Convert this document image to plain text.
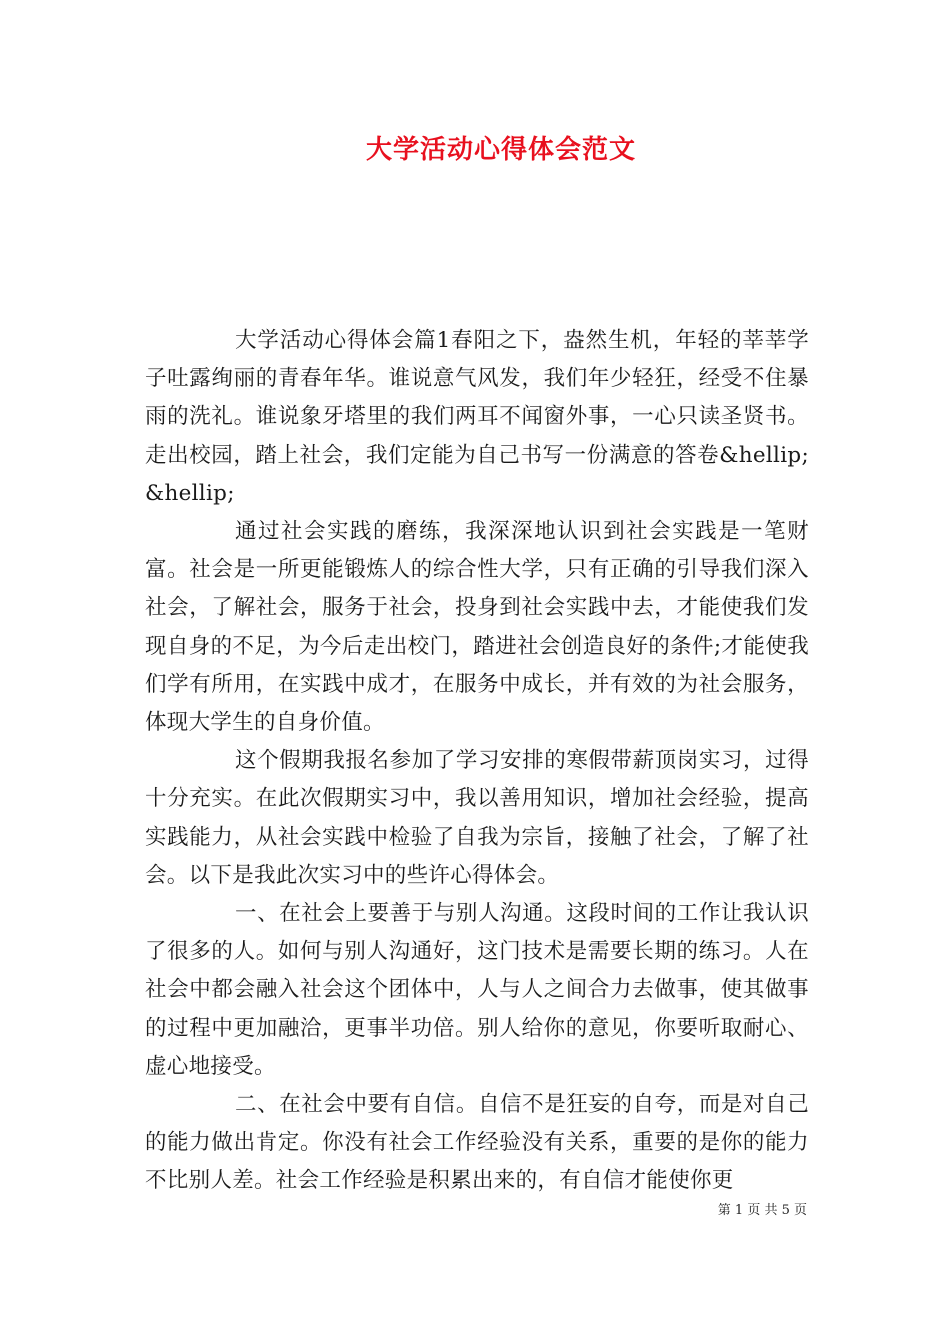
大学活动心得体会范文

大学活动心得体会篇1春阳之下，盎然生机，年轻的莘莘学子吐露绚丽的青春年华。谁说意气风发，我们年少轻狂，经受不住暴雨的洗礼。谁说象牙塔里的我们两耳不闻窗外事，一心只读圣贤书。走出校园，踏上社会，我们定能为自己书写一份满意的答卷&hellip;&hellip;

通过社会实践的磨练，我深深地认识到社会实践是一笔财富。社会是一所更能锻炼人的综合性大学，只有正确的引导我们深入社会，了解社会，服务于社会，投身到社会实践中去，才能使我们发现自身的不足，为今后走出校门，踏进社会创造良好的条件;才能使我们学有所用，在实践中成才，在服务中成长，并有效的为社会服务，体现大学生的自身价值。

这个假期我报名参加了学习安排的寒假带薪顶岗实习，过得十分充实。在此次假期实习中，我以善用知识，增加社会经验，提高实践能力，从社会实践中检验了自我为宗旨，接触了社会，了解了社会。以下是我此次实习中的些许心得体会。

一、在社会上要善于与别人沟通。这段时间的工作让我认识了很多的人。如何与别人沟通好，这门技术是需要长期的练习。人在社会中都会融入社会这个团体中，人与人之间合力去做事，使其做事的过程中更加融洽，更事半功倍。别人给你的意见，你要听取耐心、虚心地接受。

二、在社会中要有自信。自信不是狂妄的自夸，而是对自己的能力做出肯定。你没有社会工作经验没有关系，重要的是你的能力不比别人差。社会工作经验是积累出来的，有自信才能使你更

第 1 页 共 5 页
